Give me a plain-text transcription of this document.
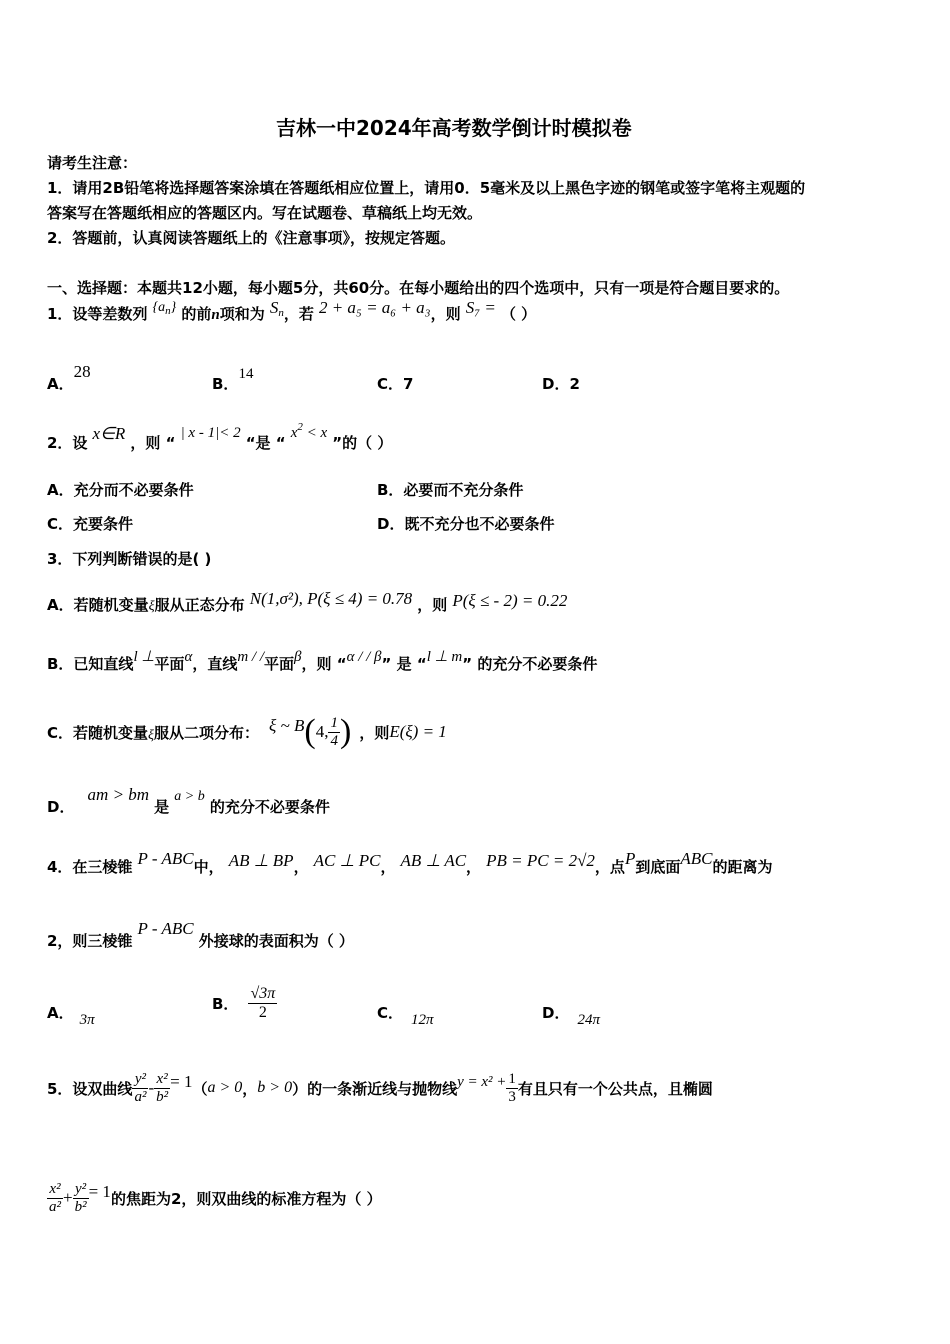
吉林一中2024年高考数学倒计时模拟卷
请考生注意：
1．请用2B铅笔将选择题答案涂填在答题纸相应位置上，请用0．5毫米及以上黑色字迹的钢笔或签字笔将主观题的
答案写在答题纸相应的答题区内。写在试题卷、草稿纸上均无效。
2．答题前，认真阅读答题纸上的《注意事项》，按规定答题。
一、选择题：本题共12小题，每小题5分，共60分。在每小题给出的四个选项中，只有一项是符合题目要求的。
1．设等差数列 $\{a_n\}$ 的前n项和为 $S_n$，若 2 + a₅ = a₆ + a₃，则 S₇ = （ ）
A．28
B．14
C．7	D．2
2．设 x∈R ，则 “ | x - 1|< 2 “是 “ $x^2 < x$ ”的（ ）
A．充分而不必要条件	B．必要而不充分条件
C．充要条件	D．既不充分也不必要条件
3．下列判断错误的是( )
A．若随机变量ξ服从正态分布 N(1,σ²), P(ξ ≤ 4) = 0.78 ，则 P(ξ ≤ - 2) = 0.22
B．已知直线l ⊥平面α，直线m / /平面β，则 “α / / β” 是 “l ⊥ m” 的充分不必要条件
C．若随机变量 ξ 服从二项分布： ξ ~ B ( 4, $\frac{1}{4}$ ) ，则 E(ξ) = 1
D． am > bm 是 a > b 的充分不必要条件
4．在三棱锥 P - ABC中， AB ⊥ BP， AC ⊥ PC， AB ⊥ AC， PB = PC = 2√2，点P到底面ABC的距离为
2，则三棱锥 P - ABC 外接球的表面积为（ ）
A． 3π
B． $\frac{√3\pi}{2}$	C． 12π	D． 24π
5．设双曲线 $\frac{\text{y²}}{\text{a²}} - \frac{\text{x²}}{\text{b²}} = 1$ （ a > 0 ， b > 0 ）的一条渐近线与抛物线 $y = x^2 + \frac{1}{3}$ 有且只有一个公共点，且椭圆
$\frac{\text{x²}}{\text{a²}} + \frac{\text{y²}}{\text{b²}} = 1$ 的焦距为2，则双曲线的标准方程为（ ）
